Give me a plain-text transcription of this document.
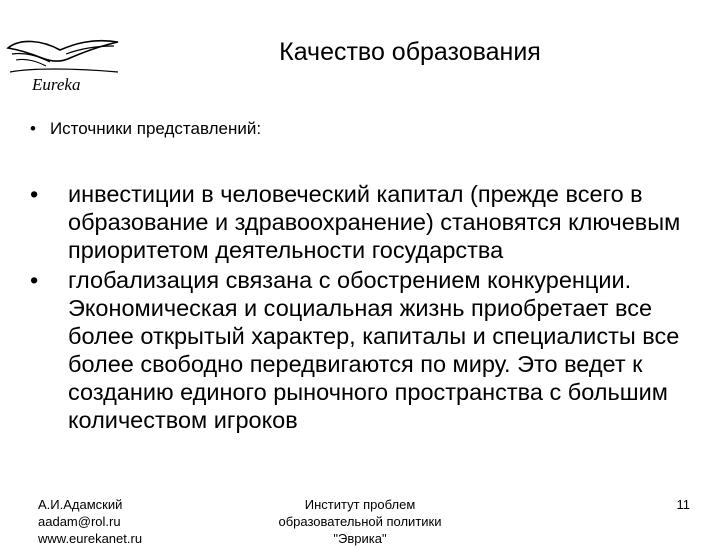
Eureka
Качество образования
• Источники представлений:
•	инвестиции в человеческий капитал (прежде всего в образование и здравоохранение) становятся ключевым приоритетом деятельности государства
•	глобализация связана с обострением конкуренции. Экономическая и социальная жизнь приобретает все более открытый характер, капиталы и специалисты все более свободно передвигаются по миру. Это ведет к созданию единого рыночного пространства с большим количеством игроков
А.И.Адамский
aadam@rol.ru
www.eurekanet.ru
Институт проблем
образовательной политики
"Эврика"
11
